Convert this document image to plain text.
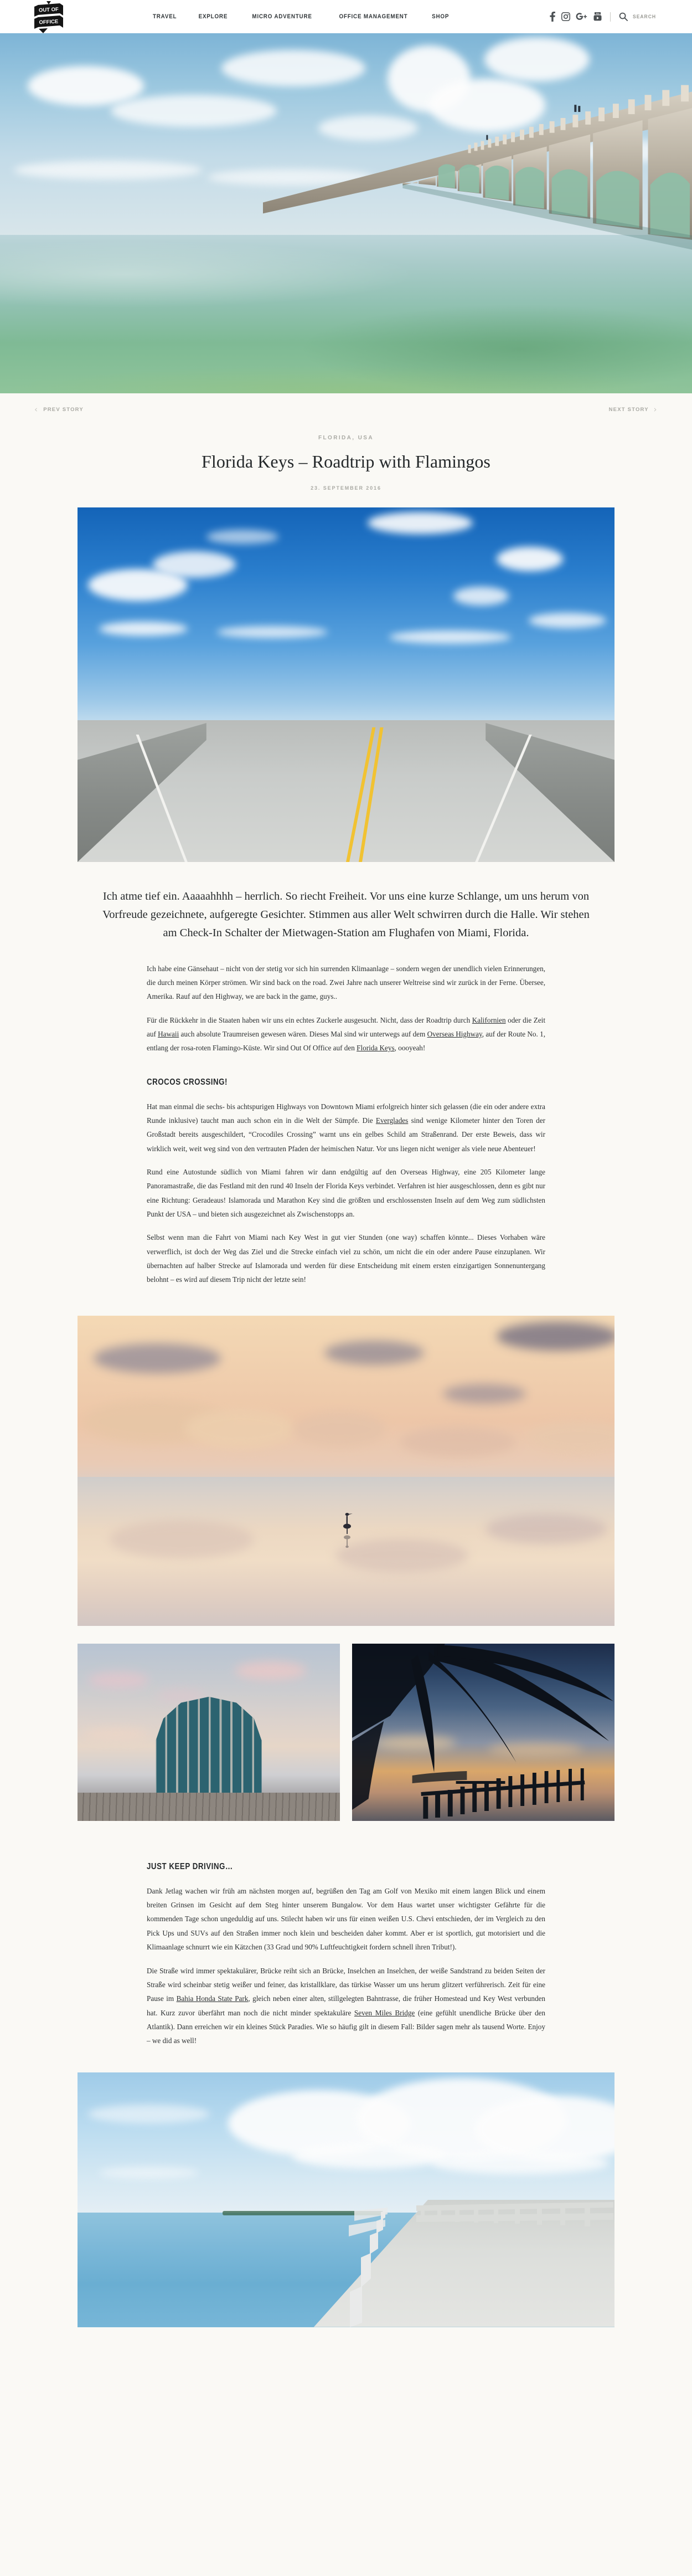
OUT OF
OFFICE
TRAVEL	EXPLORE	MICRO ADVENTURE	OFFICE MANAGEMENT	SHOP	You
SEARCH
‹ PREV STORY	NEXT STORY ›
FLORIDA, USA
Florida Keys – Roadtrip with Flamingos
23. SEPTEMBER 2016

Ich atme tief ein. Aaaaahhhh – herrlich. So riecht Freiheit. Vor uns eine kurze Schlange, um uns herum von Vorfreude gezeichnete, aufgeregte Gesichter. Stimmen aus aller Welt schwirren durch die Halle. Wir stehen am Check-In Schalter der Mietwagen-Station am Flughafen von Miami, Florida.

Ich habe eine Gänsehaut – nicht von der stetig vor sich hin surrenden Klimaanlage – sondern wegen der unendlich vielen Erinnerungen, die durch meinen Körper strömen. Wir sind back on the road. Zwei Jahre nach unserer Weltreise sind wir zurück in der Ferne. Übersee, Amerika. Rauf auf den Highway, we are back in the game, guys..

Für die Rückkehr in die Staaten haben wir uns ein echtes Zuckerle ausgesucht. Nicht, dass der Roadtrip durch Kalifornien oder die Zeit auf Hawaii auch absolute Traumreisen gewesen wären. Dieses Mal sind wir unterwegs auf dem Overseas Highway, auf der Route No. 1, entlang der rosa-roten Flamingo-Küste. Wir sind Out Of Office auf den Florida Keys, oooyeah!

CROCOS CROSSING!

Hat man einmal die sechs- bis achtspurigen Highways von Downtown Miami erfolgreich hinter sich gelassen (die ein oder andere extra Runde inklusive) taucht man auch schon ein in die Welt der Sümpfe. Die Everglades sind wenige Kilometer hinter den Toren der Großstadt bereits ausgeschildert, “Crocodiles Crossing” warnt uns ein gelbes Schild am Straßenrand. Der erste Beweis, dass wir wirklich weit, weit weg sind von den vertrauten Pfaden der heimischen Natur. Vor uns liegen nicht weniger als viele neue Abenteuer!

Rund eine Autostunde südlich von Miami fahren wir dann endgültig auf den Overseas Highway, eine 205 Kilometer lange Panoramastraße, die das Festland mit den rund 40 Inseln der Florida Keys verbindet. Verfahren ist hier ausgeschlossen, denn es gibt nur eine Richtung: Geradeaus! Islamorada und Marathon Key sind die größten und erschlossensten Inseln auf dem Weg zum südlichsten Punkt der USA – und bieten sich ausgezeichnet als Zwischenstopps an.

Selbst wenn man die Fahrt von Miami nach Key West in gut vier Stunden (one way) schaffen könnte... Dieses Vorhaben wäre verwerflich, ist doch der Weg das Ziel und die Strecke einfach viel zu schön, um nicht die ein oder andere Pause einzuplanen. Wir übernachten auf halber Strecke auf Islamorada und werden für diese Entscheidung mit einem ersten einzigartigen Sonnenuntergang belohnt – es wird auf diesem Trip nicht der letzte sein!

JUST KEEP DRIVING…

Dank Jetlag wachen wir früh am nächsten morgen auf, begrüßen den Tag am Golf von Mexiko mit einem langen Blick und einem breiten Grinsen im Gesicht auf dem Steg hinter unserem Bungalow. Vor dem Haus wartet unser wichtigster Gefährte für die kommenden Tage schon ungeduldig auf uns. Stilecht haben wir uns für einen weißen U.S. Chevi entschieden, der im Vergleich zu den Pick Ups und SUVs auf den Straßen immer noch klein und bescheiden daher kommt. Aber er ist sportlich, gut motorisiert und die Klimaanlage schnurrt wie ein Kätzchen (33 Grad und 90% Luftfeuchtigkeit fordern schnell ihren Tribut!).

Die Straße wird immer spektakulärer, Brücke reiht sich an Brücke, Inselchen an Inselchen, der weiße Sandstrand zu beiden Seiten der Straße wird scheinbar stetig weißer und feiner, das kristallklare, das türkise Wasser um uns herum glitzert verführerisch. Zeit für eine Pause im Bahia Honda State Park, gleich neben einer alten, stillgelegten Bahntrasse, die früher Homestead und Key West verbunden hat. Kurz zuvor überfährt man noch die nicht minder spektakuläre Seven Miles Bridge (eine gefühlt unendliche Brücke über den Atlantik). Dann erreichen wir ein kleines Stück Paradies. Wie so häufig gilt in diesem Fall: Bilder sagen mehr als tausend Worte. Enjoy – we did as well!
